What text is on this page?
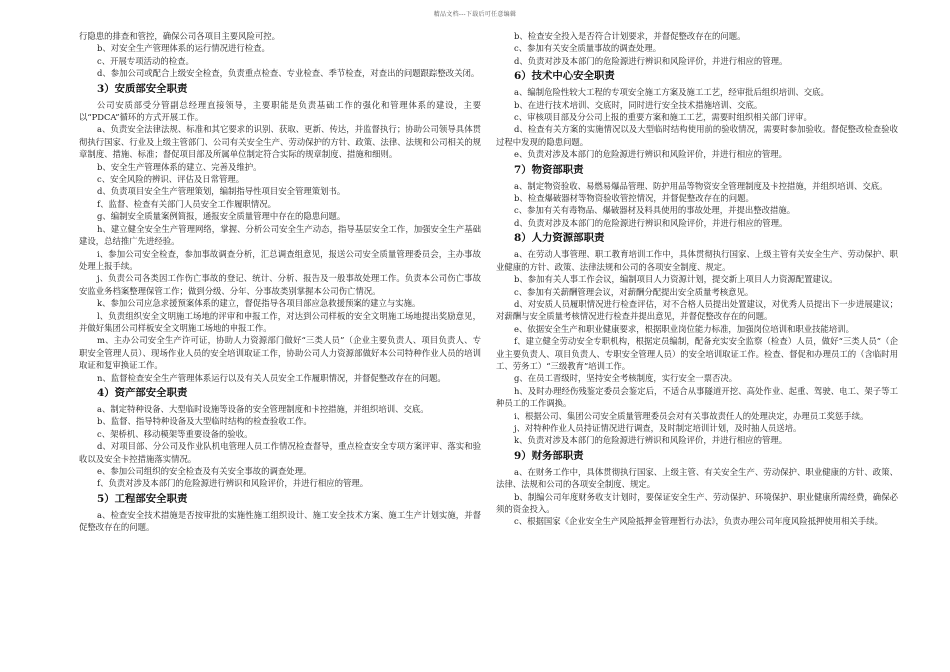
精品文档---下载后可任意编辑

行隐患的排查和管控，确保公司各项目主要风险可控。

b、对安全生产管理体系的运行情况进行检查。

c、开展专项活动的检查。

d、参加公司或配合上级安全检查，负责重点检查、专业检查、季节检查，对查出的问题跟踪整改关闭。

3）安质部安全职责

公司安质部受分管副总经理直接领导，主要职能是负责基础工作的强化和管理体系的建设，主要以“PDCA”循环的方式开展工作。

a、负责安全法律法规、标准和其它要求的识别、获取、更新、传达，并监督执行；协助公司领导具体贯彻执行国家、行业及上级主管部门、公司有关安全生产、劳动保护的方针、政策、法律、法规和公司相关的规章制度、措施、标准；督促项目部及所属单位制定符合实际的规章制度、措施和细则。

b、安全生产管理体系的建立、完善及维护。

c、安全风险的辨识、评估及日常管理。

d、负责项目安全生产管理策划，编制指导性项目安全管理策划书。

f、监督、检查有关部门人员安全工作履职情况。

g、编制安全质量案例简报，通报安全质量管理中存在的隐患问题。

h、建立健全安全生产管理网络，掌握、分析公司安全生产动态，指导基层安全工作，加强安全生产基础建设，总结推广先进经验。

i、参加公司安全检查，参加事故调查分析，汇总调查组意见，报送公司安全质量管理委员会，主办事故处理上报手续。

j、负责公司各类因工作伤亡事故的登记、统计、分析、报告及一般事故处理工作。负责本公司伤亡事故安监业务档案整理保管工作；做到分级、分年、分事故类别掌握本公司伤亡情况。

k、参加公司应急求援预案体系的建立，督促指导各项目部应急救援预案的建立与实施。

l、负责组织安全文明施工场地的评审和申报工作，对达到公司样板的安全文明施工场地提出奖励意见，并做好集团公司样板安全文明施工场地的申报工作。

m、主办公司安全生产许可证，协助人力资源部门做好“三类人员”（企业主要负责人、项目负责人、专职安全管理人员）、现场作业人员的安全培训取证工作，协助公司人力资源部做好本公司特种作业人员的培训取证和复审换证工作。

n、监督检查安全生产管理体系运行以及有关人员安全工作履职情况，并督促整改存在的问题。

4）资产部安全职责

a、制定特种设备、大型临时设施等设备的安全管理制度和卡控措施，并组织培训、交底。

b、监督、指导特种设备及大型临时结构的检查验收工作。

c、架桥机、移动模架等重要设备的验收。

d、对项目部、分公司及作业队机电管理人员工作情况检查督导，重点检查安全专项方案评审、落实和验收以及安全卡控措施落实情况。

e、参加公司组织的安全检查及有关安全事故的调查处理。

f、负责对涉及本部门的危险源进行辨识和风险评价，并进行相应的管理。

5）工程部安全职责

a、检查安全技术措施是否按审批的实施性施工组织设计、施工安全技术方案、施工生产计划实施，并督促整改存在的问题。

b、检查安全投入是否符合计划要求，并督促整改存在的问题。

c、参加有关安全质量事故的调查处理。

d、负责对涉及本部门的危险源进行辨识和风险评价，并进行相应的管理。

6）技术中心安全职责

a、编制危险性较大工程的专项安全施工方案及施工工艺，经审批后组织培训、交底。

b、在进行技术培训、交底时，同时进行安全技术措施培训、交底。

c、审核项目部及分公司上报的重要方案和施工工艺，需要时组织相关部门评审。

d、检查有关方案的实施情况以及大型临时结构使用前的验收情况，需要时参加验收。督促整改检查验收过程中发现的隐患问题。

e、负责对涉及本部门的危险源进行辨识和风险评价，并进行相应的管理。

7）物资部职责

a、制定物资验收、易燃易爆品管理、防护用品等物资安全管理制度及卡控措施，并组织培训、交底。

b、检查爆破器材等物资验收管控情况，并督促整改存在的问题。

c、参加有关有毒物品、爆破器材及料具使用的事故处理，并提出整改措施。

d、负责对涉及本部门的危险源进行辨识和风险评价，并进行相应的管理。

8）人力资源部职责

a、在劳动人事管理、职工教育培训工作中，具体贯彻执行国家、上级主管有关安全生产、劳动保护、职业健康的方针、政策、法律法规和公司的各项安全制度、规定。

b、参加有关人事工作会议，编制项目人力资源计划，提交新上项目人力资源配置建议。

c、参加有关薪酬管理会议，对薪酬分配提出安全质量考核意见。

d、对安质人员履职情况进行检查评估，对不合格人员提出处置建议，对优秀人员提出下一步进展建议；对薪酬与安全质量考核情况进行检查并提出意见，并督促整改存在的问题。

e、依据安全生产和职业健康要求，根据职业岗位能力标准，加强岗位培训和职业技能培训。

f、建立健全劳动安全专职机构，根据定员编制，配备充实安全监察（检查）人员，做好“三类人员”（企业主要负责人、项目负责人、专职安全管理人员）的安全培训取证工作。检查、督促和办理员工的（含临时用工、劳务工）“三级教育”培训工作。

g、在员工晋级时，坚持安全考核制度，实行安全一票否决。

h、及时办理经伤残鉴定委员会鉴定后，不适合从事隧道开挖、高处作业、起重、驾驶、电工、架子等工种员工的工作调换。

i、根据公司、集团公司安全质量管理委员会对有关事故责任人的处理决定，办理员工奖惩手续。

j、对特种作业人员持证情况进行调查，及时制定培训计划，及时抽人员送培。

k、负责对涉及本部门的危险源进行辨识和风险评价，并进行相应的管理。

9）财务部职责

a、在财务工作中，具体贯彻执行国家、上级主管、有关安全生产、劳动保护、职业健康的方针、政策、法律、法规和公司的各项安全制度、规定。

b、制编公司年度财务收支计划时，要保证安全生产、劳动保护、环境保护、职业健康所需经费，确保必须的资金投入。

c、根据国家《企业安全生产风险抵押金管理暂行办法》，负责办理公司年度风险抵押使用相关手续。
